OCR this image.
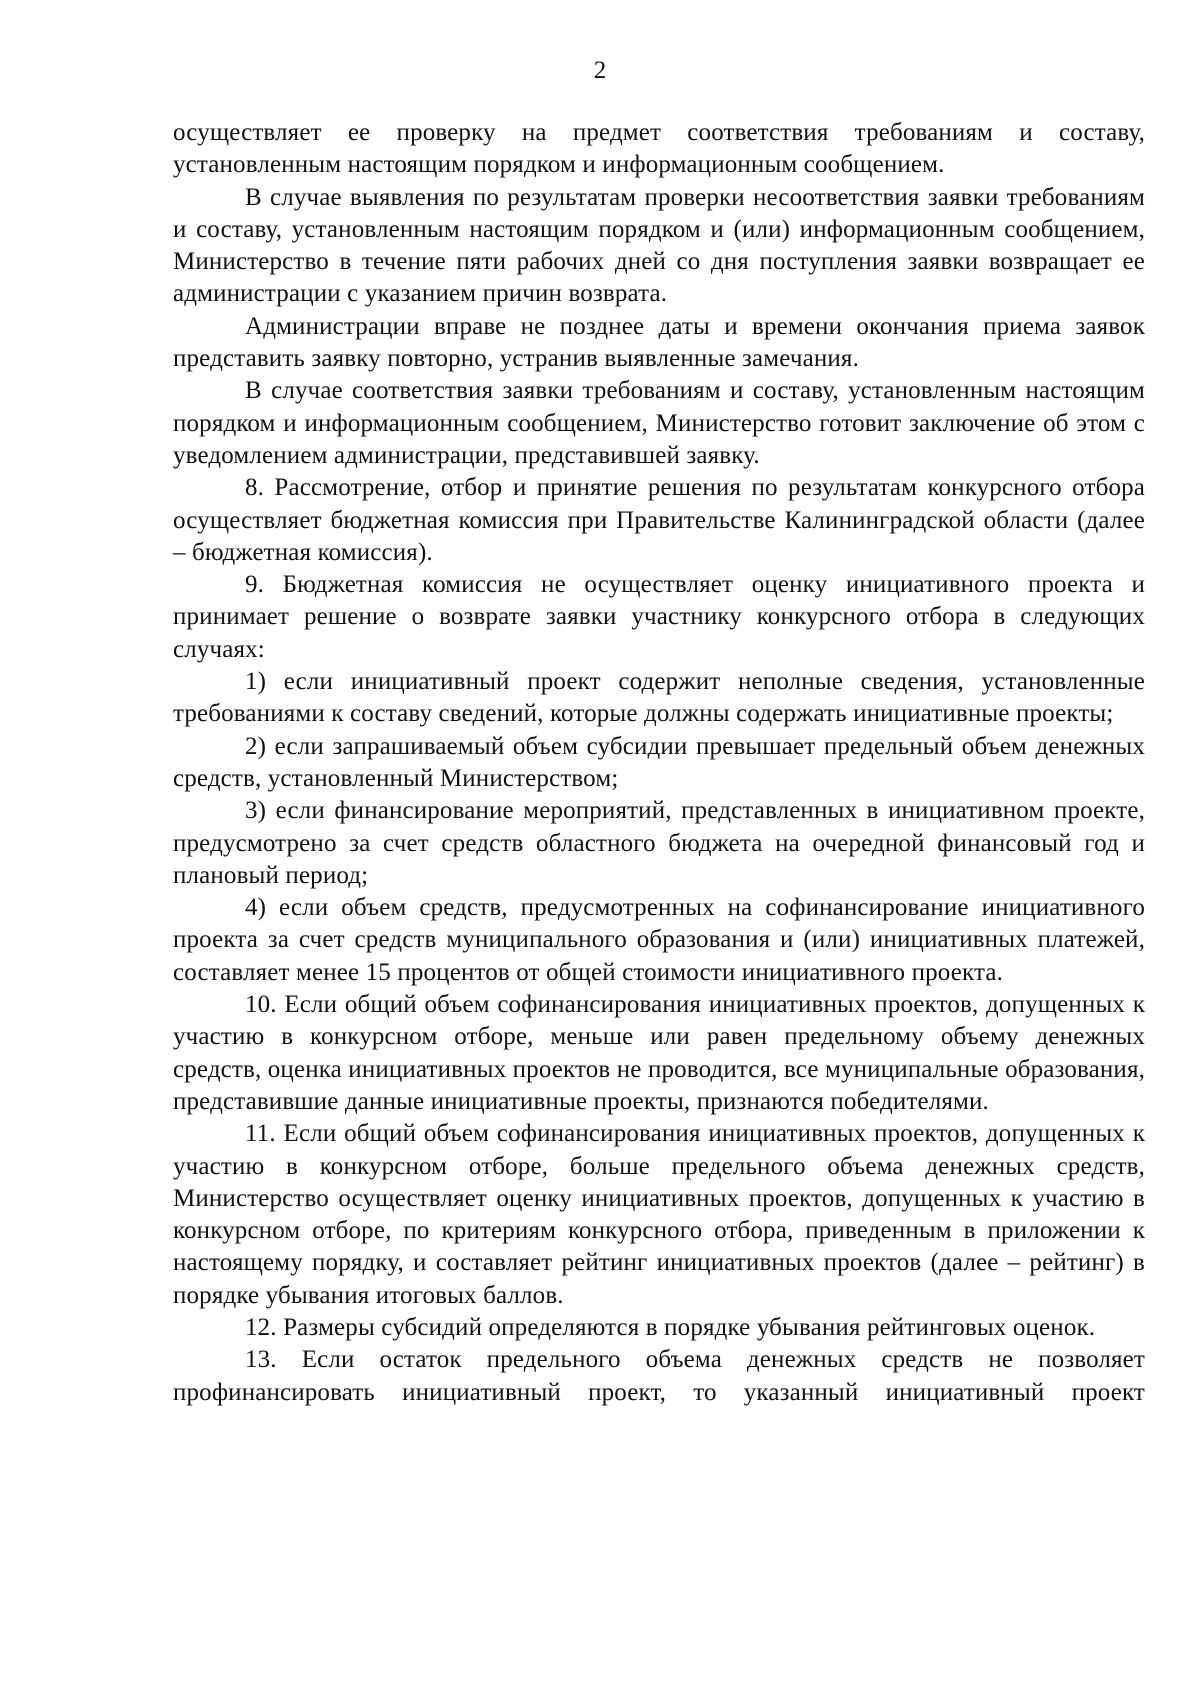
2

осуществляет ее проверку на предмет соответствия требованиям и составу, установленным настоящим порядком и информационным сообщением.

В случае выявления по результатам проверки несоответствия заявки требованиям и составу, установленным настоящим порядком и (или) информационным сообщением, Министерство в течение пяти рабочих дней со дня поступления заявки возвращает ее администрации с указанием причин возврата.

Администрации вправе не позднее даты и времени окончания приема заявок представить заявку повторно, устранив выявленные замечания.

В случае соответствия заявки требованиям и составу, установленным настоящим порядком и информационным сообщением, Министерство готовит заключение об этом с уведомлением администрации, представившей заявку.

8. Рассмотрение, отбор и принятие решения по результатам конкурсного отбора осуществляет бюджетная комиссия при Правительстве Калининградской области (далее – бюджетная комиссия).

9. Бюджетная комиссия не осуществляет оценку инициативного проекта и принимает решение о возврате заявки участнику конкурсного отбора в следующих случаях:

1) если инициативный проект содержит неполные сведения, установленные требованиями к составу сведений, которые должны содержать инициативные проекты;

2) если запрашиваемый объем субсидии превышает предельный объем денежных средств, установленный Министерством;

3) если финансирование мероприятий, представленных в инициативном проекте, предусмотрено за счет средств областного бюджета на очередной финансовый год и плановый период;

4) если объем средств, предусмотренных на софинансирование инициативного проекта за счет средств муниципального образования и (или) инициативных платежей, составляет менее 15 процентов от общей стоимости инициативного проекта.

10. Если общий объем софинансирования инициативных проектов, допущенных к участию в конкурсном отборе, меньше или равен предельному объему денежных средств, оценка инициативных проектов не проводится, все муниципальные образования, представившие данные инициативные проекты, признаются победителями.

11. Если общий объем софинансирования инициативных проектов, допущенных к участию в конкурсном отборе, больше предельного объема денежных средств, Министерство осуществляет оценку инициативных проектов, допущенных к участию в конкурсном отборе, по критериям конкурсного отбора, приведенным в приложении к настоящему порядку, и составляет рейтинг инициативных проектов (далее – рейтинг) в порядке убывания итоговых баллов.

12. Размеры субсидий определяются в порядке убывания рейтинговых оценок.

13. Если остаток предельного объема денежных средств не позволяет профинансировать инициативный проект, то указанный инициативный проект
